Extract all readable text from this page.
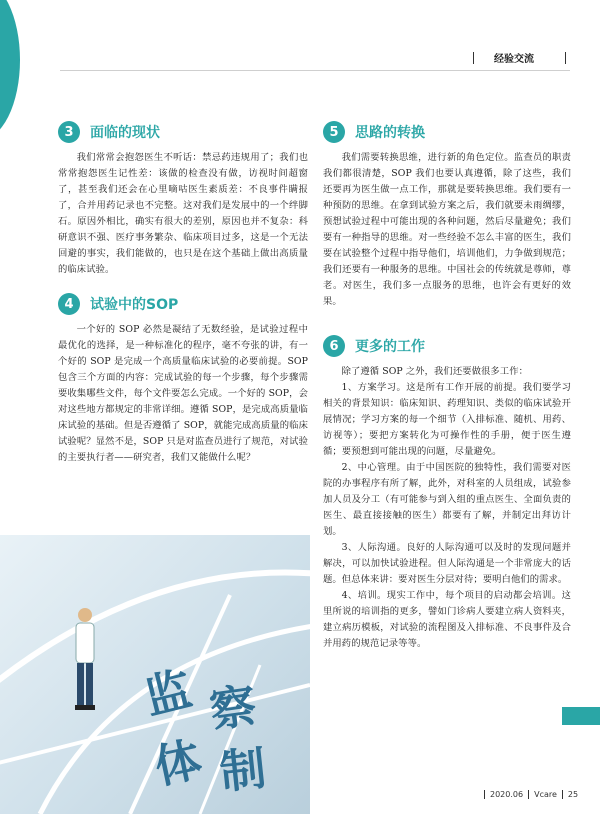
经验交流
3	面临的现状

我们常常会抱怨医生不听话：禁忌药违规用了；我们也常常抱怨医生记性差：该做的检查没有做，访视时间超窗了，甚至我们还会在心里嘀咕医生素质差：不良事件瞒报了，合并用药记录也不完整。这对我们是发展中的一个绊脚石。原因外相比，确实有很大的差别，原因也并不复杂：科研意识不强、医疗事务繁杂、临床项目过多，这是一个无法回避的事实，我们能做的，也只是在这个基础上做出高质量的临床试验。

4	试验中的SOP

一个好的 SOP 必然是凝结了无数经验，是试验过程中最优化的选择，是一种标准化的程序，毫不夸张的讲，有一个好的 SOP 是完成一个高质量临床试验的必要前提。SOP 包含三个方面的内容：完成试验的每一个步骤，每个步骤需要收集哪些文件，每个文件要怎么完成。一个好的 SOP，会对这些地方都规定的非常详细。遵循 SOP，是完成高质量临床试验的基础。但是否遵循了 SOP，就能完成高质量的临床试验呢？显然不是，SOP 只是对监查员进行了规范，对试验的主要执行者——研究者，我们又能做什么呢？

5	思路的转换

我们需要转换思维，进行新的角色定位。监查员的职责我们都很清楚，SOP 我们也要认真遵循，除了这些，我们还要再为医生做一点工作，那就是要转换思维。我们要有一种预防的思维。在拿到试验方案之后，我们就要未雨绸缪，预想试验过程中可能出现的各种问题，然后尽量避免；我们要有一种指导的思维。对一些经验不怎么丰富的医生，我们要在试验整个过程中指导他们，培训他们，力争做到规范；我们还要有一种服务的思维。中国社会的传统就是尊师，尊老。对医生，我们多一点服务的思维，也许会有更好的效果。

6	更多的工作

除了遵循 SOP 之外，我们还要做很多工作：

1、方案学习。这是所有工作开展的前提。我们要学习相关的背景知识：临床知识、药理知识、类似的临床试验开展情况；学习方案的每一个细节（入排标准、随机、用药、访视等）；要把方案转化为可操作性的手册，便于医生遵循；要预想到可能出现的问题，尽量避免。

2、中心管理。由于中国医院的独特性，我们需要对医院的办事程序有所了解，此外，对科室的人员组成，试验参加人员及分工（有可能参与到入组的重点医生、全面负责的医生、最直接接触的医生）都要有了解，并制定出拜访计划。

3、人际沟通。良好的人际沟通可以及时的发现问题并解决，可以加快试验进程。但人际沟通是一个非常庞大的话题。但总体来讲：要对医生分层对待；要明白他们的需求。

4、培训。现实工作中，每个项目的启动都会培训。这里所说的培训指的更多，譬如门诊病人要建立病人资料夹，建立病历模板，对试验的流程图及入排标准、不良事件及合并用药的规范记录等等。

监 察
体 制	2020.06 Vcare 25
